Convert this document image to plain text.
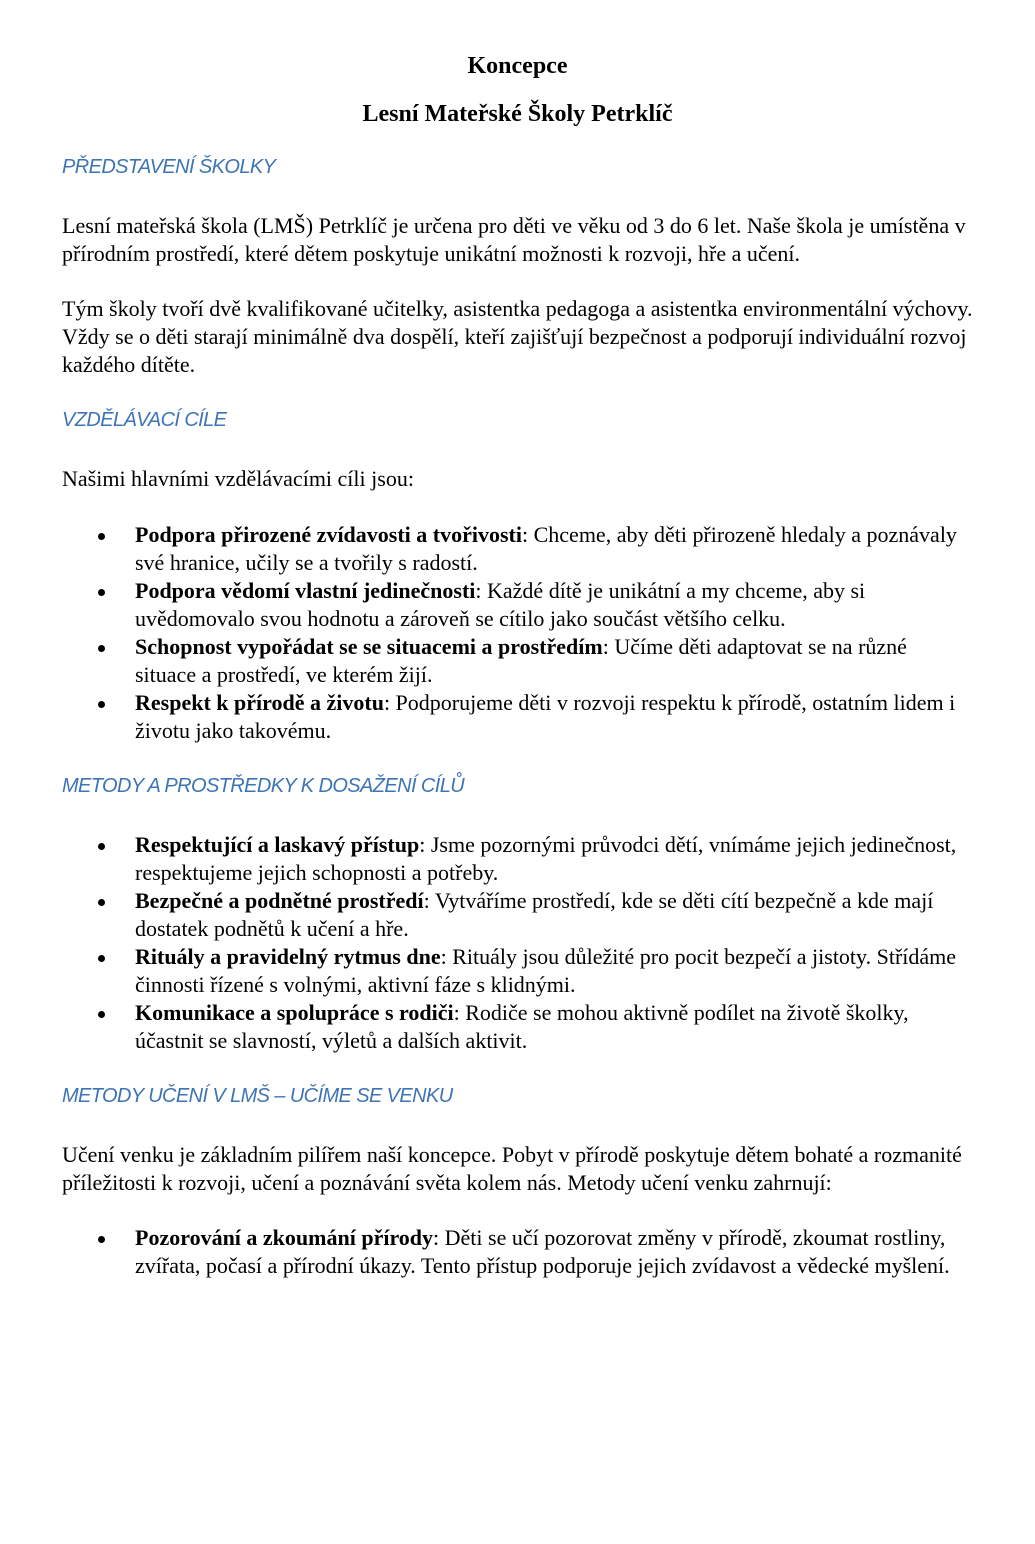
Koncepce
Lesní Mateřské Školy Petrklíč
PŘEDSTAVENÍ ŠKOLKY

Lesní mateřská škola (LMŠ) Petrklíč je určena pro děti ve věku od 3 do 6 let. Naše škola je umístěna v přírodním prostředí, které dětem poskytuje unikátní možnosti k rozvoji, hře a učení.

Tým školy tvoří dvě kvalifikované učitelky, asistentka pedagoga a asistentka environmentální výchovy. Vždy se o děti starají minimálně dva dospělí, kteří zajišťují bezpečnost a podporují individuální rozvoj každého dítěte.

VZDĚLÁVACÍ CÍLE

Našimi hlavními vzdělávacími cíli jsou:

Podpora přirozené zvídavosti a tvořivosti: Chceme, aby děti přirozeně hledaly a poznávaly své hranice, učily se a tvořily s radostí.
Podpora vědomí vlastní jedinečnosti: Každé dítě je unikátní a my chceme, aby si uvědomovalo svou hodnotu a zároveň se cítilo jako součást většího celku.
Schopnost vypořádat se se situacemi a prostředím: Učíme děti adaptovat se na různé situace a prostředí, ve kterém žijí.
Respekt k přírodě a životu: Podporujeme děti v rozvoji respektu k přírodě, ostatním lidem i životu jako takovému.
METODY A PROSTŘEDKY K DOSAŽENÍ CÍLŮ
Respektující a laskavý přístup: Jsme pozornými průvodci dětí, vnímáme jejich jedinečnost, respektujeme jejich schopnosti a potřeby.
Bezpečné a podnětné prostředí: Vytváříme prostředí, kde se děti cítí bezpečně a kde mají dostatek podnětů k učení a hře.
Rituály a pravidelný rytmus dne: Rituály jsou důležité pro pocit bezpečí a jistoty. Střídáme činnosti řízené s volnými, aktivní fáze s klidnými.
Komunikace a spolupráce s rodiči: Rodiče se mohou aktivně podílet na životě školky, účastnit se slavností, výletů a dalších aktivit.
METODY UČENÍ V LMŠ – UČÍME SE VENKU

Učení venku je základním pilířem naší koncepce. Pobyt v přírodě poskytuje dětem bohaté a rozmanité příležitosti k rozvoji, učení a poznávání světa kolem nás. Metody učení venku zahrnují:

Pozorování a zkoumání přírody: Děti se učí pozorovat změny v přírodě, zkoumat rostliny, zvířata, počasí a přírodní úkazy. Tento přístup podporuje jejich zvídavost a vědecké myšlení.
